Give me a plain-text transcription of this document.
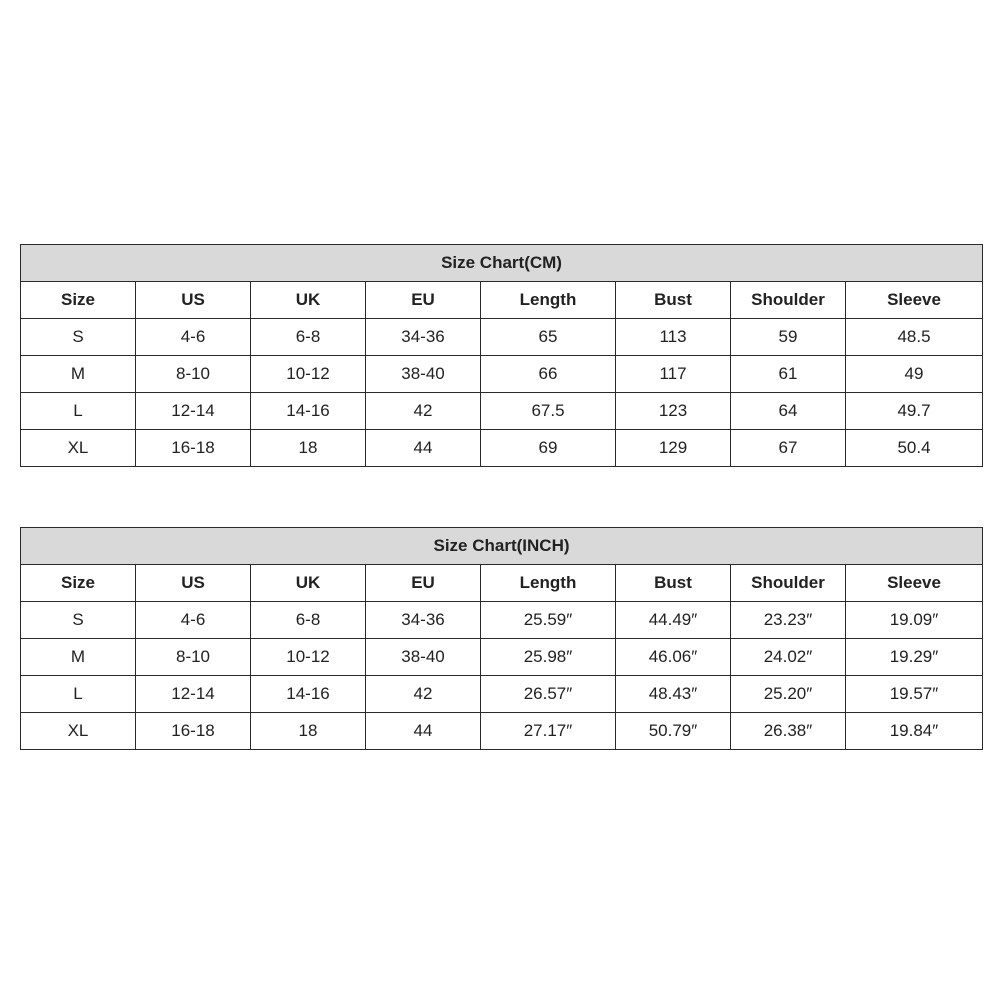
Size Chart(CM)							
Size	US	UK	EU	Length	Bust	Shoulder	Sleeve
S	4-6	6-8	34-36	65	113	59	48.5
M	8-10	10-12	38-40	66	117	61	49
L	12-14	14-16	42	67.5	123	64	49.7
XL	16-18	18	44	69	129	67	50.4
Size Chart(INCH)							
Size	US	UK	EU	Length	Bust	Shoulder	Sleeve
S	4-6	6-8	34-36	25.59″	44.49″	23.23″	19.09″
M	8-10	10-12	38-40	25.98″	46.06″	24.02″	19.29″
L	12-14	14-16	42	26.57″	48.43″	25.20″	19.57″
XL	16-18	18	44	27.17″	50.79″	26.38″	19.84″
